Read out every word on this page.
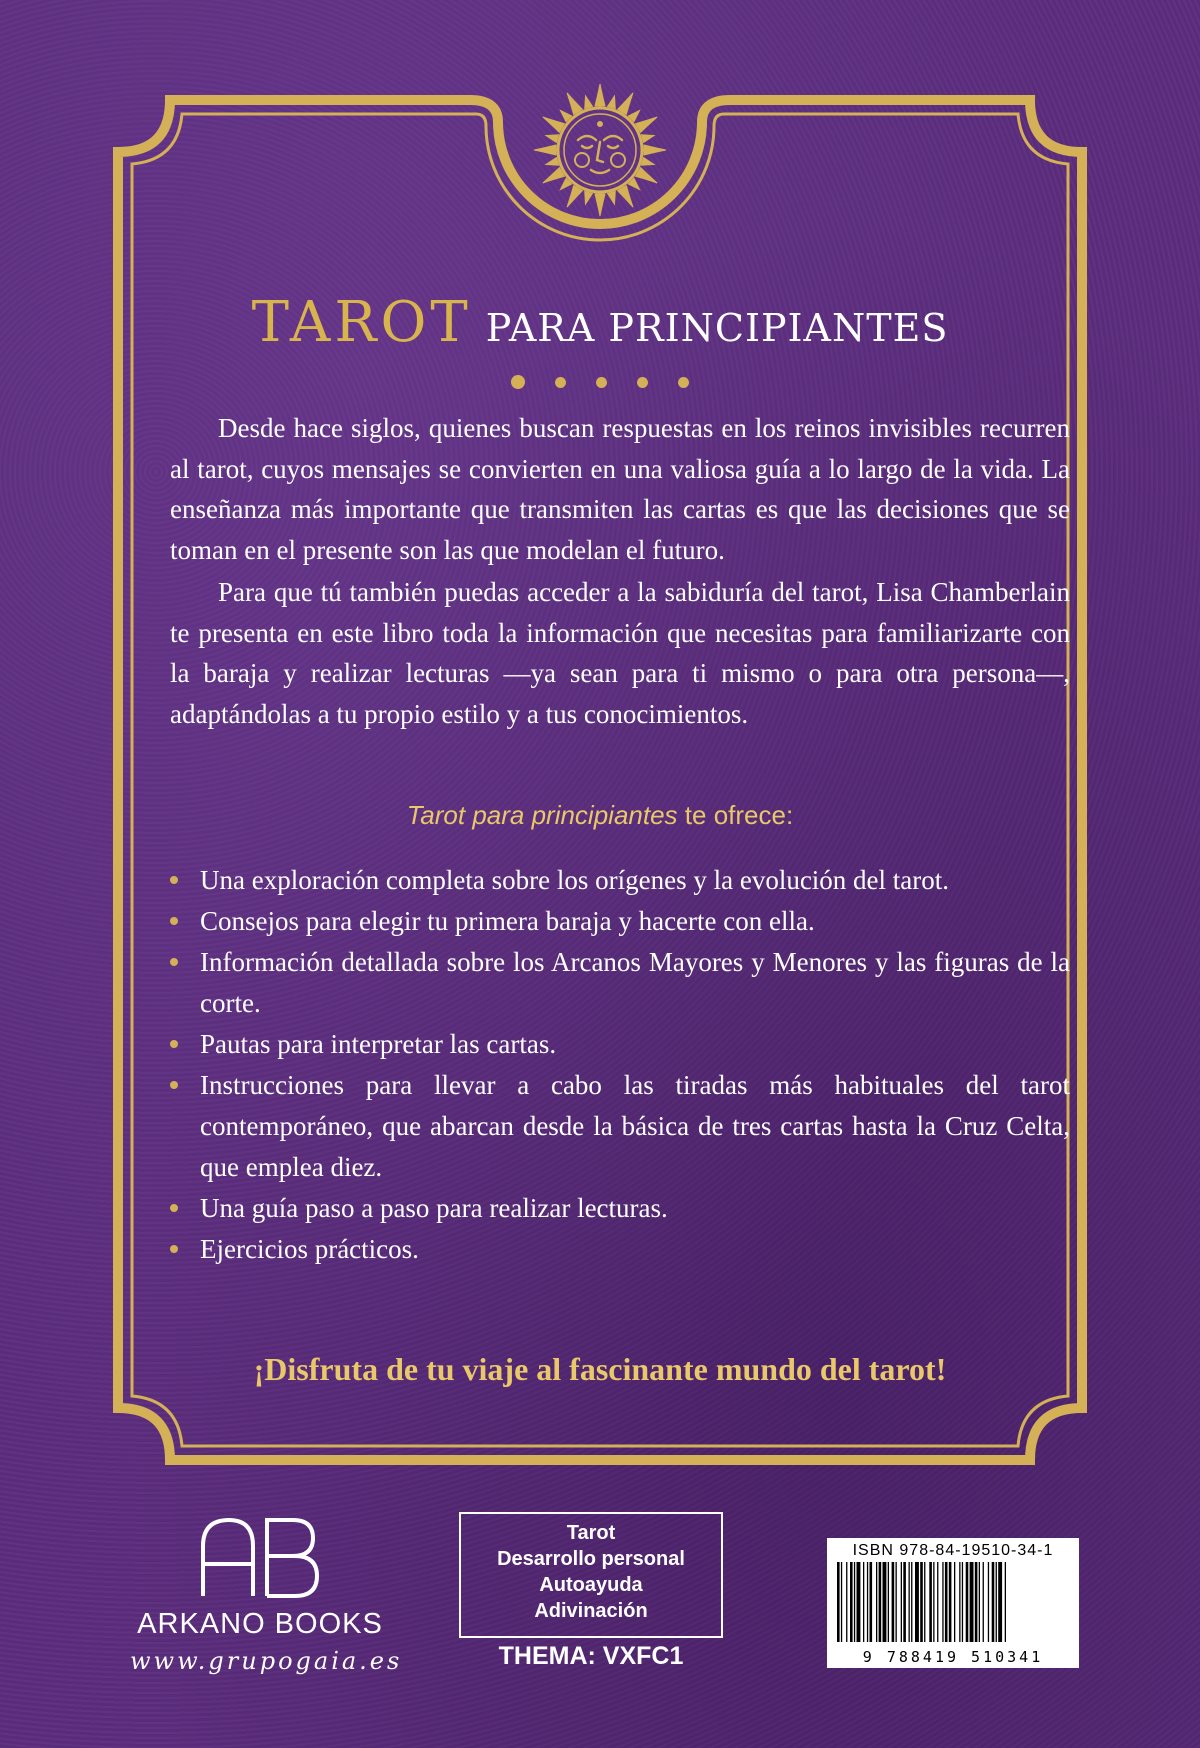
TAROT PARA PRINCIPIANTES

Desde hace siglos, quienes buscan respuestas en los reinos invisibles recurren al tarot, cuyos mensajes se convierten en una valiosa guía a lo largo de la vida. La enseñanza más importante que transmiten las cartas es que las decisiones que se toman en el presente son las que modelan el futuro.

Para que tú también puedas acceder a la sabiduría del tarot, Lisa Chamberlain te presenta en este libro toda la información que necesitas para familiarizarte con la baraja y realizar lecturas —ya sean para ti mismo o para otra persona—, adaptándolas a tu propio estilo y a tus conocimientos.

Tarot para principiantes te ofrece:
Una exploración completa sobre los orígenes y la evolución del tarot.
Consejos para elegir tu primera baraja y hacerte con ella.
Información detallada sobre los Arcanos Mayores y Menores y las figuras de la corte.
Pautas para interpretar las cartas.
Instrucciones para llevar a cabo las tiradas más habituales del tarot contemporáneo, que abarcan desde la básica de tres cartas hasta la Cruz Celta, que emplea diez.
Una guía paso a paso para realizar lecturas.
Ejercicios prácticos.
¡Disfruta de tu viaje al fascinante mundo del tarot!
ARKANO BOOKS
www.grupogaia.es
Tarot
Desarrollo personal
Autoayuda
Adivinación
THEMA: VXFC1
ISBN 978-84-19510-34-1
9 788419 510341
